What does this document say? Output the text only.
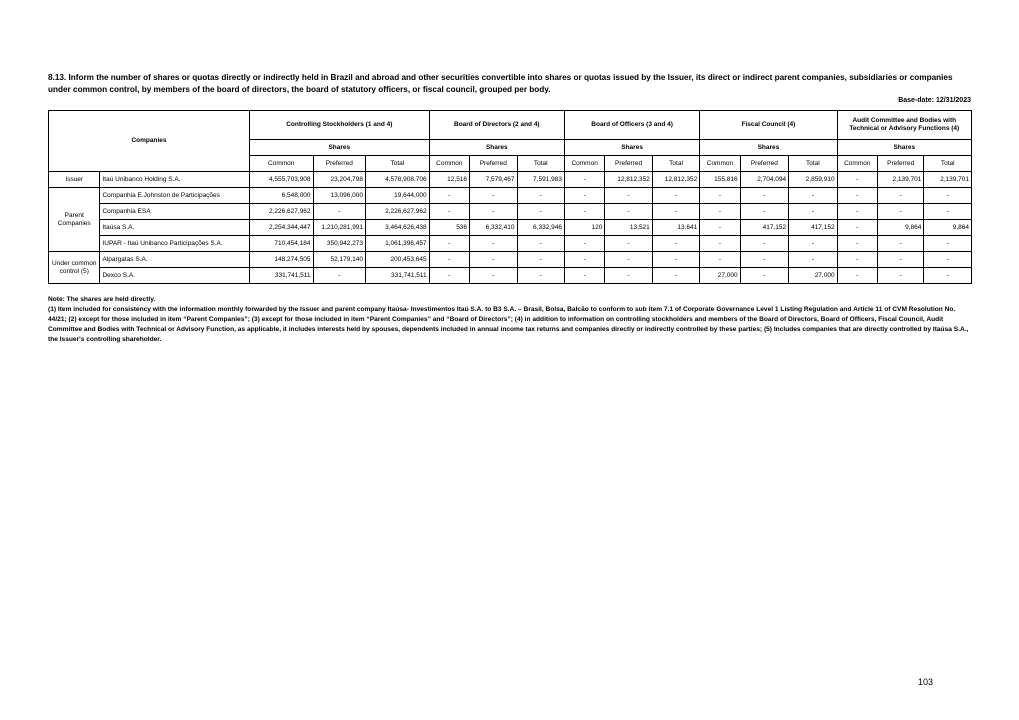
8.13. Inform the number of shares or quotas directly or indirectly held in Brazil and abroad and other securities convertible into shares or quotas issued by the Issuer, its direct or indirect parent companies, subsidiaries or companies under common control, by members of the board of directors, the board of statutory officers, or fiscal council, grouped per body.
Base-date: 12/31/2023
Companies		Controlling Stockholders (1 and 4)			Board of Directors (2 and 4)			Board of Officers (3 and 4)			Fiscal Council (4)			Audit Committee and Bodies with Technical or Advisory Functions (4)		
		Shares			Shares			Shares			Shares			Shares		
		Common	Preferred	Total	Common	Preferred	Total	Common	Preferred	Total	Common	Preferred	Total	Common	Preferred	Total
Issuer	Itaú Unibanco Holding S.A.	4,555,703,908	23,204,798	4,578,908,706	12,516	7,579,467	7,591,983	-	12,812,352	12,812,352	155,816	2,704,094	2,859,910	-	2,139,701	2,139,701
Parent Companies	Companhia E.Johnston de Participações	6,548,000	13,096,000	19,644,000	-	-	-	-	-	-	-	-	-	-	-	-
	Companhia ESA	2,226,627,962	-	2,226,627,962	-	-	-	-	-	-	-	-	-	-	-	-
	Itaúsa S.A.	2,254,344,447	1,210,281,991	3,464,626,438	536	6,332,410	6,332,946	120	13,521	13,641	-	417,152	417,152	-	9,864	9,864
	IUPAR - Itaú Unibanco Participações S.A.	710,454,184	350,942,273	1,061,396,457	-	-	-	-	-	-	-	-	-	-	-	-
Under common control (5)	Alpargatas S.A.	148,274,505	52,179,140	200,453,645	-	-	-	-	-	-	-	-	-	-	-	-
	Dexco S.A.	331,741,511	-	331,741,511	-	-	-	-	-	-	27,000	-	27,000	-	-	-
Note: The shares are held directly.
(1) Item included for consistency with the information monthly forwarded by the Issuer and parent company Itaúsa- Investimentos Itaú S.A. to B3 S.A. – Brasil, Bolsa, Balcão to conform to sub item 7.1 of Corporate Governance Level 1 Listing Regulation and Article 11 of CVM Resolution No. 44/21; (2) except for those included in item “Parent Companies”; (3) except for those included in item “Parent Companies” and “Board of Directors”; (4) in addition to information on controlling stockholders and members of the Board of Directors, Board of Officers, Fiscal Council, Audit Committee and Bodies with Technical or Advisory Function, as applicable, it includes interests held by spouses, dependents included in annual income tax returns and companies directly or indirectly controlled by these parties; (5) Includes companies that are directly controlled by Itaúsa S.A., the Issuer's controlling shareholder.
103
